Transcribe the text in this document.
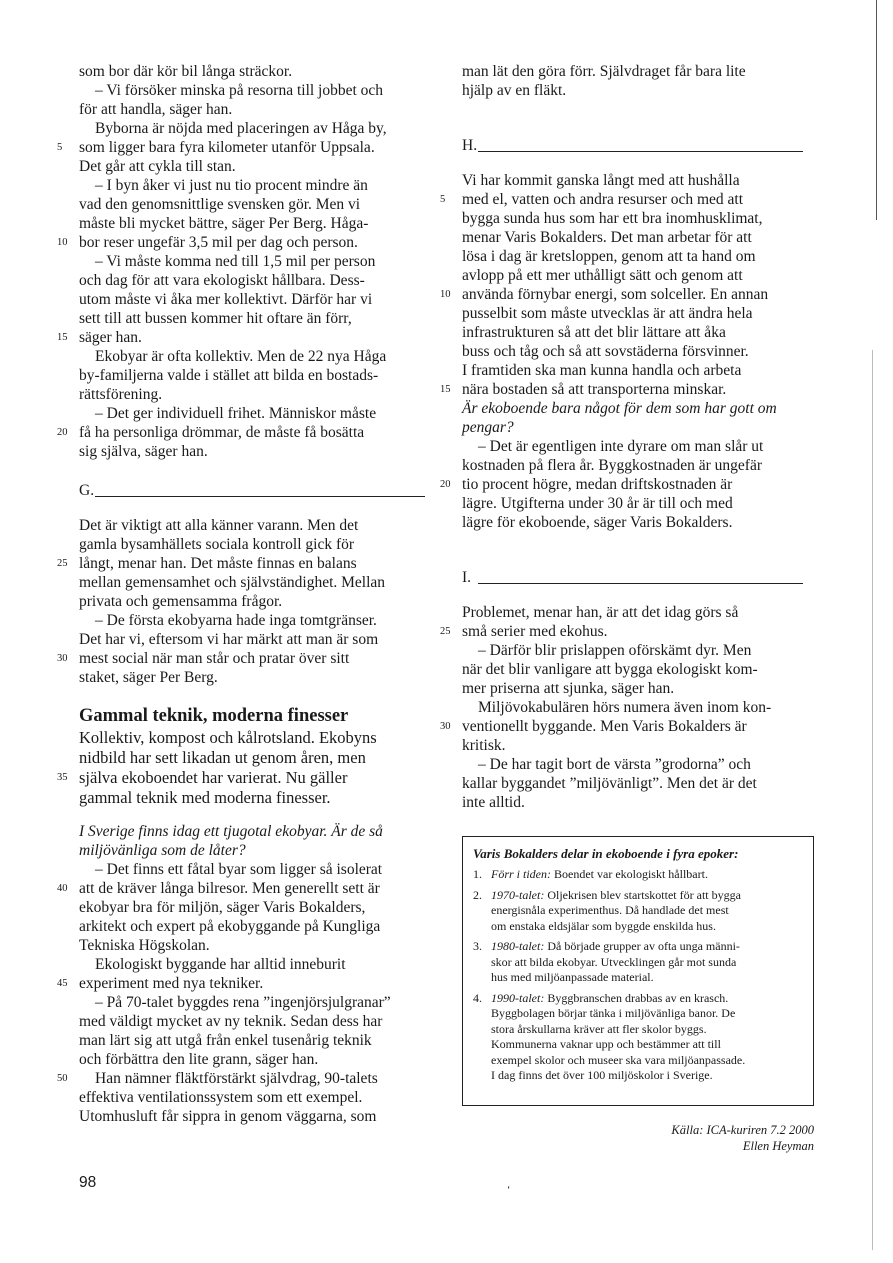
som bor där kör bil långa sträckor.
– Vi försöker minska på resorna till jobbet och
för att handla, säger han.
Byborna är nöjda med placeringen av Håga by,
5	som ligger bara fyra kilometer utanför Uppsala.
Det går att cykla till stan.
– I byn åker vi just nu tio procent mindre än
vad den genomsnittlige svensken gör. Men vi
måste bli mycket bättre, säger Per Berg. Håga-
10 bor reser ungefär 3,5 mil per dag och person.
– Vi måste komma ned till 1,5 mil per person
och dag för att vara ekologiskt hållbara. Dess-
utom måste vi åka mer kollektivt. Därför har vi
sett till att bussen kommer hit oftare än förr,
15 säger han.
Ekobyar är ofta kollektiv. Men de 22 nya Håga
by-familjerna valde i stället att bilda en bostads-
rättsförening.
– Det ger individuell frihet. Människor måste
20 få ha personliga drömmar, de måste få bosätta
sig själva, säger han.
G.
Det är viktigt att alla känner varann. Men det
gamla bysamhällets sociala kontroll gick för
25 långt, menar han. Det måste finnas en balans
mellan gemensamhet och självständighet. Mellan
privata och gemensamma frågor.
– De första ekobyarna hade inga tomtgränser.
Det har vi, eftersom vi har märkt att man är som
30 mest social när man står och pratar över sitt
staket, säger Per Berg.
Gammal teknik, moderna finesser
Kollektiv, kompost och kålrotsland. Ekobyns
nidbild har sett likadan ut genom åren, men
35 själva ekoboendet har varierat. Nu gäller
gammal teknik med moderna finesser.
I Sverige finns idag ett tjugotal ekobyar. Är de så
miljövänliga som de låter?
– Det finns ett fåtal byar som ligger så isolerat
40 att de kräver långa bilresor. Men generellt sett är
ekobyar bra för miljön, säger Varis Bokalders,
arkitekt och expert på ekobyggande på Kungliga
Tekniska Högskolan.
Ekologiskt byggande har alltid inneburit
45 experiment med nya tekniker.
– På 70-talet byggdes rena ”ingenjörsjulgranar”
med väldigt mycket av ny teknik. Sedan dess har
man lärt sig att utgå från enkel tusenårig teknik
och förbättra den lite grann, säger han.
50	Han nämner fläktförstärkt självdrag, 90-talets
effektiva ventilationssystem som ett exempel.
Utomhusluft får sippra in genom väggarna, som
man lät den göra förr. Självdraget får bara lite
hjälp av en fläkt.
H.
Vi har kommit ganska långt med att hushålla
5	med el, vatten och andra resurser och med att
bygga sunda hus som har ett bra inomhusklimat,
menar Varis Bokalders. Det man arbetar för att
lösa i dag är kretsloppen, genom att ta hand om
avlopp på ett mer uthålligt sätt och genom att
10 använda förnybar energi, som solceller. En annan
pusselbit som måste utvecklas är att ändra hela
infrastrukturen så att det blir lättare att åka
buss och tåg och så att sovstäderna försvinner.
I framtiden ska man kunna handla och arbeta
15 nära bostaden så att transporterna minskar.
Är ekoboende bara något för dem som har gott om
pengar?
– Det är egentligen inte dyrare om man slår ut
kostnaden på flera år. Byggkostnaden är ungefär
20 tio procent högre, medan driftskostnaden är
lägre. Utgifterna under 30 år är till och med
lägre för ekoboende, säger Varis Bokalders.
I.
Problemet, menar han, är att det idag görs så
25 små serier med ekohus.
– Därför blir prislappen oförskämt dyr. Men
när det blir vanligare att bygga ekologiskt kom-
mer priserna att sjunka, säger han.
Miljövokabulären hörs numera även inom kon-
30 ventionellt byggande. Men Varis Bokalders är
kritisk.
– De har tagit bort de värsta ”grodorna” och
kallar byggandet ”miljövänligt”. Men det är det
inte alltid.
Varis Bokalders delar in ekoboende i fyra epoker:
1. Förr i tiden: Boendet var ekologiskt hållbart.
2. 1970-talet: Oljekrisen blev startskottet för att bygga
energisnåla experimenthus. Då handlade det mest
om enstaka eldsjälar som byggde enskilda hus.
3. 1980-talet: Då började grupper av ofta unga männi-
skor att bilda ekobyar. Utvecklingen går mot sunda
hus med miljöanpassade material.
4. 1990-talet: Byggbranschen drabbas av en krasch.
Byggbolagen börjar tänka i miljövänliga banor. De
stora årskullarna kräver att fler skolor byggs.
Kommunerna vaknar upp och bestämmer att till
exempel skolor och museer ska vara miljöanpassade.
I dag finns det över 100 miljöskolor i Sverige.
Källa: ICA-kuriren 7.2 2000
Ellen Heyman
98	ʻ
